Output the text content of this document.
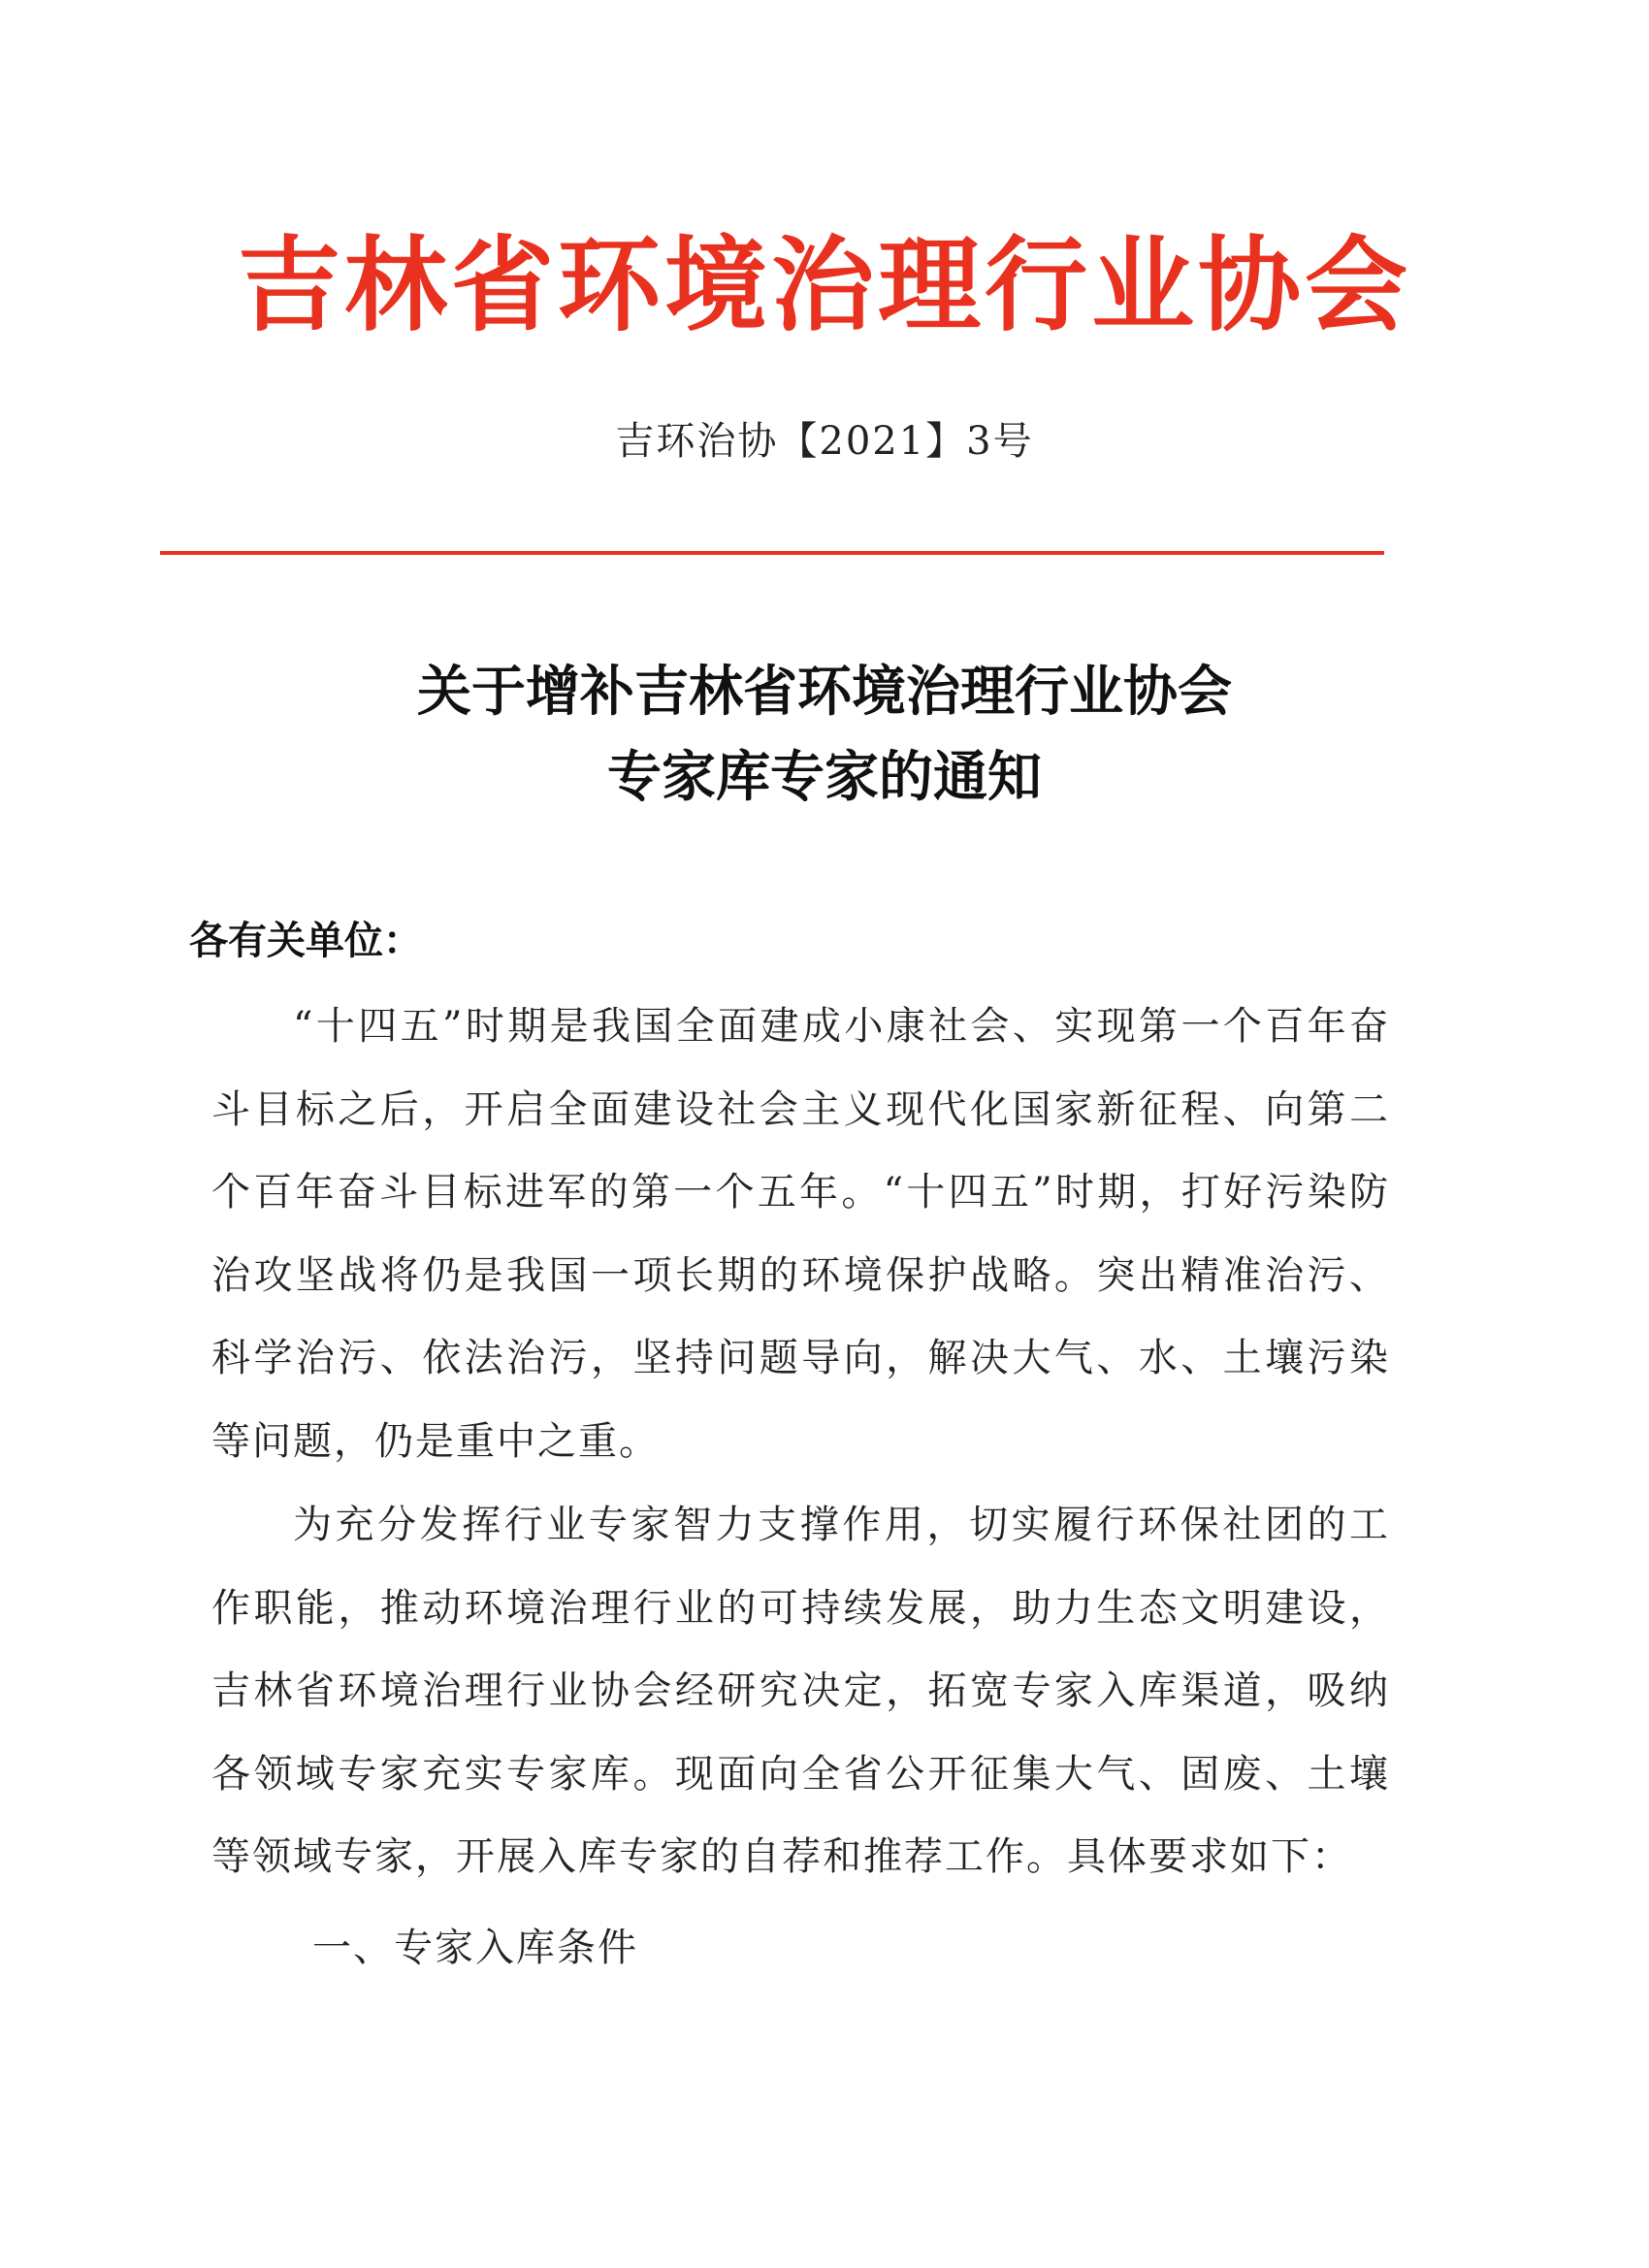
吉林省环境治理行业协会
吉环治协【2021】3号
关于增补吉林省环境治理行业协会
专家库专家的通知
各有关单位：

“十四五”时期是我国全面建成小康社会、实现第一个百年奋斗目标之后，开启全面建设社会主义现代化国家新征程、向第二个百年奋斗目标进军的第一个五年。“十四五”时期，打好污染防治攻坚战将仍是我国一项长期的环境保护战略。突出精准治污、科学治污、依法治污，坚持问题导向，解决大气、水、土壤污染等问题，仍是重中之重。

为充分发挥行业专家智力支撑作用，切实履行环保社团的工作职能，推动环境治理行业的可持续发展，助力生态文明建设，吉林省环境治理行业协会经研究决定，拓宽专家入库渠道，吸纳各领域专家充实专家库。现面向全省公开征集大气、固废、土壤等领域专家，开展入库专家的自荐和推荐工作。具体要求如下：

一、专家入库条件
